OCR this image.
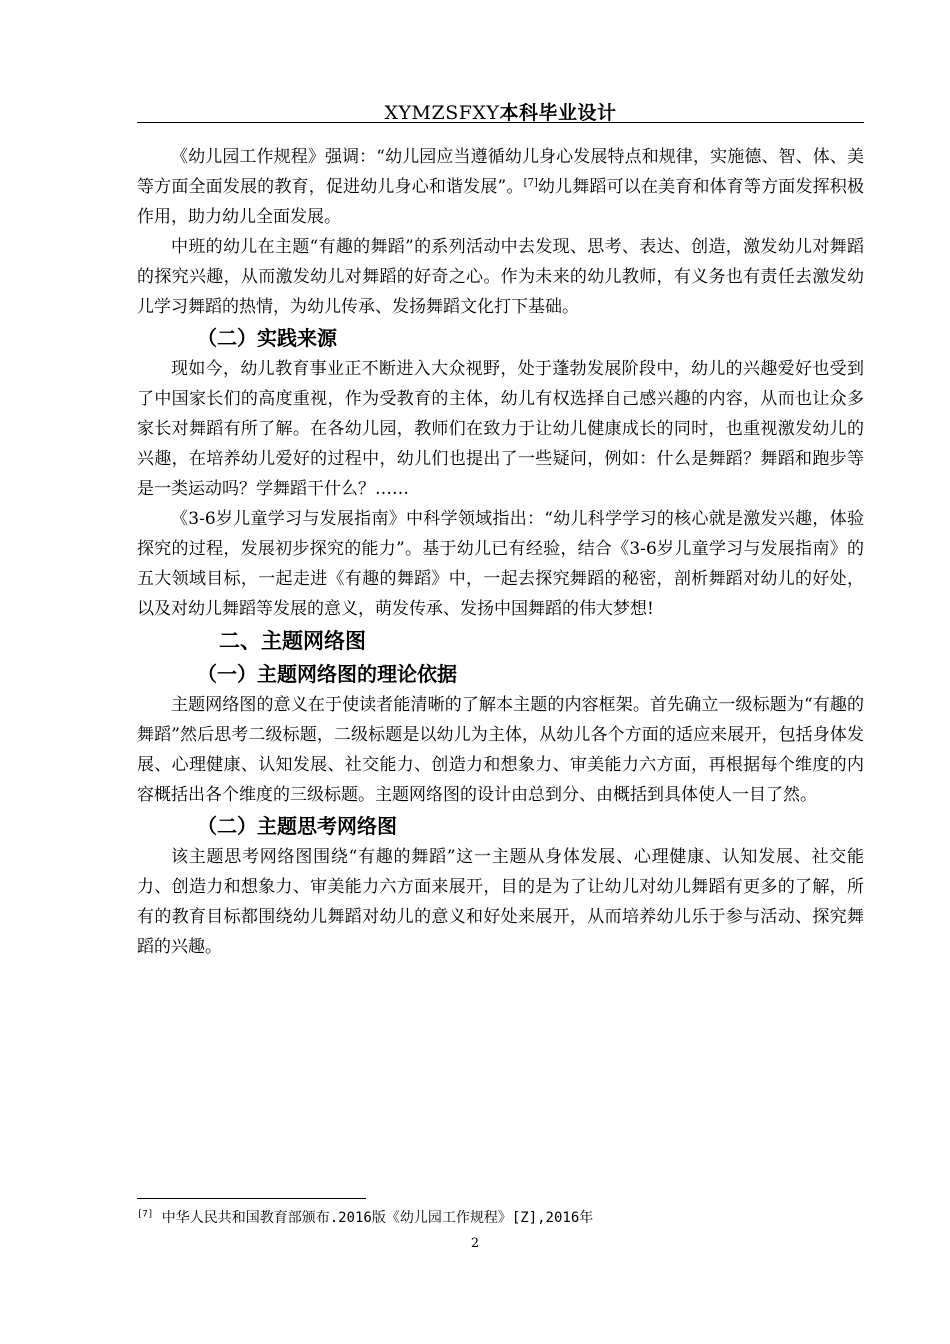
XYMZSFXY本科毕业设计

《幼儿园工作规程》强调：“幼儿园应当遵循幼儿身心发展特点和规律，实施德、智、体、美等方面全面发展的教育，促进幼儿身心和谐发展”。[7]幼儿舞蹈可以在美育和体育等方面发挥积极作用，助力幼儿全面发展。

中班的幼儿在主题“有趣的舞蹈”的系列活动中去发现、思考、表达、创造，激发幼儿对舞蹈的探究兴趣，从而激发幼儿对舞蹈的好奇之心。作为未来的幼儿教师，有义务也有责任去激发幼儿学习舞蹈的热情，为幼儿传承、发扬舞蹈文化打下基础。

（二）实践来源

现如今，幼儿教育事业正不断进入大众视野，处于蓬勃发展阶段中，幼儿的兴趣爱好也受到了中国家长们的高度重视，作为受教育的主体，幼儿有权选择自己感兴趣的内容，从而也让众多家长对舞蹈有所了解。在各幼儿园，教师们在致力于让幼儿健康成长的同时，也重视激发幼儿的兴趣，在培养幼儿爱好的过程中，幼儿们也提出了一些疑问，例如：什么是舞蹈？舞蹈和跑步等是一类运动吗？学舞蹈干什么？……

《3-6岁儿童学习与发展指南》中科学领域指出：“幼儿科学学习的核心就是激发兴趣，体验探究的过程，发展初步探究的能力”。基于幼儿已有经验，结合《3-6岁儿童学习与发展指南》的五大领域目标，一起走进《有趣的舞蹈》中，一起去探究舞蹈的秘密，剖析舞蹈对幼儿的好处，以及对幼儿舞蹈等发展的意义，萌发传承、发扬中国舞蹈的伟大梦想!

二、主题网络图
（一）主题网络图的理论依据

主题网络图的意义在于使读者能清晰的了解本主题的内容框架。首先确立一级标题为“有趣的舞蹈”然后思考二级标题，二级标题是以幼儿为主体，从幼儿各个方面的适应来展开，包括身体发展、心理健康、认知发展、社交能力、创造力和想象力、审美能力六方面，再根据每个维度的内容概括出各个维度的三级标题。主题网络图的设计由总到分、由概括到具体使人一目了然。

（二）主题思考网络图

该主题思考网络图围绕“有趣的舞蹈”这一主题从身体发展、心理健康、认知发展、社交能力、创造力和想象力、审美能力六方面来展开，目的是为了让幼儿对幼儿舞蹈有更多的了解，所有的教育目标都围绕幼儿舞蹈对幼儿的意义和好处来展开，从而培养幼儿乐于参与活动、探究舞蹈的兴趣。

[7] 中华人民共和国教育部颁布.2016版《幼儿园工作规程》[Z],2016年
2
